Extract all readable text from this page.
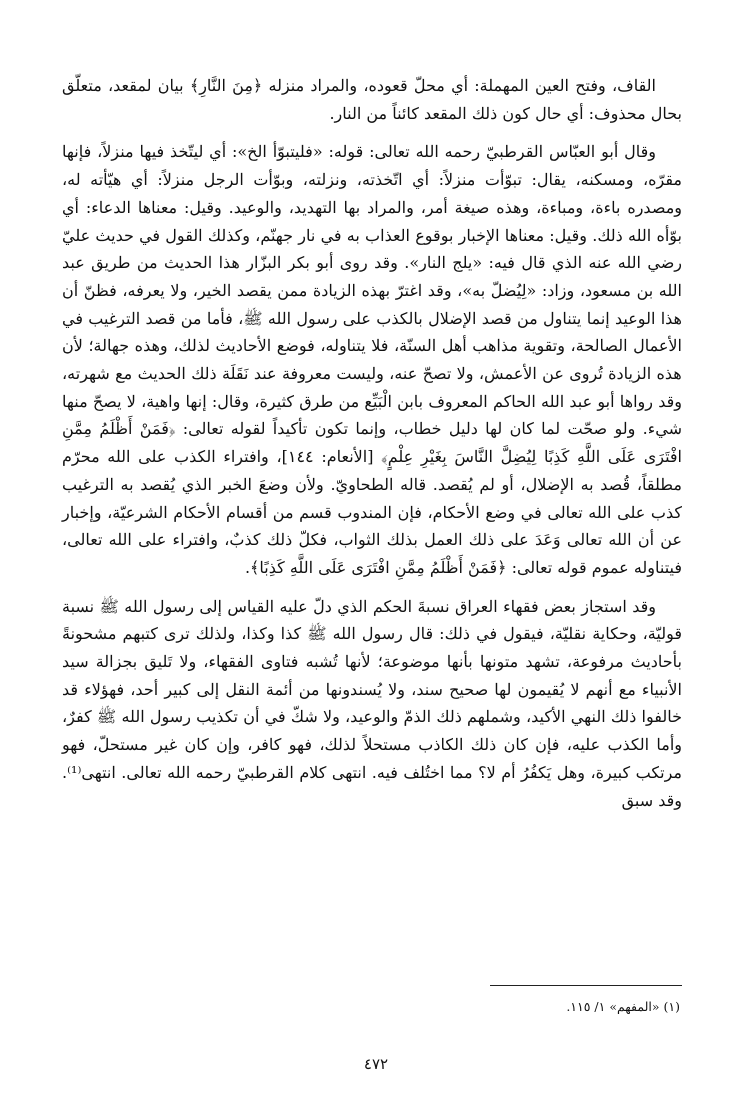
القاف، وفتح العين المهملة: أي محلّ قعوده، والمراد منزله ﴿مِنَ النَّارِ﴾ بيان لمقعد، متعلّق بحال محذوف: أي حال كون ذلك المقعد كائناً من النار.

وقال أبو العبّاس القرطبيّ رحمه الله تعالى: قوله: «فليتبوّأ الخ»: أي ليتّخذ فيها منزلاً، فإنها مقرّه، ومسكنه، يقال: تبوّأت منزلاً: أي اتّخذته، ونزلته، وبوّأت الرجل منزلاً: أي هيّأته له، ومصدره باءة، ومباءة، وهذه صيغة أمر، والمراد بها التهديد، والوعيد. وقيل: معناها الدعاء: أي بوّأه الله ذلك. وقيل: معناها الإخبار بوقوع العذاب به في نار جهنّم، وكذلك القول في حديث عليّ رضي الله عنه الذي قال فيه: «يلج النار». وقد روى أبو بكر البزّار هذا الحديث من طريق عبد الله بن مسعود، وزاد: «لِيُضلّ به»، وقد اغترّ بهذه الزيادة ممن يقصد الخير، ولا يعرفه، فظنّ أن هذا الوعيد إنما يتناول من قصد الإضلال بالكذب على رسول الله ﷺ، فأما من قصد الترغيب في الأعمال الصالحة، وتقوية مذاهب أهل السنّة، فلا يتناوله، فوضع الأحاديث لذلك، وهذه جهالة؛ لأن هذه الزيادة تُروى عن الأعمش، ولا تصحّ عنه، وليست معروفة عند نَقَلَة ذلك الحديث مع شهرته، وقد رواها أبو عبد الله الحاكم المعروف بابن الْبَيِّع من طرق كثيرة، وقال: إنها واهية، لا يصحّ منها شيء. ولو صحّت لما كان لها دليل خطاب، وإنما تكون تأكيداً لقوله تعالى: ﴿فَمَنْ أَظْلَمُ مِمَّنِ افْتَرَى عَلَى اللَّهِ كَذِبًا لِيُضِلَّ النَّاسَ بِغَيْرِ عِلْمٍ﴾ [الأنعام: ١٤٤]، وافتراء الكذب على الله محرّم مطلقاً، قُصد به الإضلال، أو لم يُقصد. قاله الطحاويّ. ولأن وضعَ الخبر الذي يُقصد به الترغيب كذب على الله تعالى في وضع الأحكام، فإن المندوب قسم من أقسام الأحكام الشرعيّة، وإخبار عن أن الله تعالى وَعَدَ على ذلك العمل بذلك الثواب، فكلّ ذلك كذبٌ، وافتراء على الله تعالى، فيتناوله عموم قوله تعالى: ﴿فَمَنْ أَظْلَمُ مِمَّنِ افْتَرَى عَلَى اللَّهِ كَذِبًا﴾.

وقد استجاز بعض فقهاء العراق نسبةَ الحكم الذي دلّ عليه القياس إلى رسول الله ﷺ نسبة قوليّة، وحكاية نقليّة، فيقول في ذلك: قال رسول الله ﷺ كذا وكذا، ولذلك ترى كتبهم مشحونةً بأحاديث مرفوعة، تشهد متونها بأنها موضوعة؛ لأنها تُشبه فتاوى الفقهاء، ولا تَليق بجزالة سيد الأنبياء مع أنهم لا يُقيمون لها صحيح سند، ولا يُسندونها من أئمة النقل إلى كبير أحد، فهؤلاء قد خالفوا ذلك النهي الأكيد، وشملهم ذلك الذمّ والوعيد، ولا شكّ في أن تكذيب رسول الله ﷺ كفرٌ، وأما الكذب عليه، فإن كان ذلك الكاذب مستحلاً لذلك، فهو كافر، وإن كان غير مستحلّ، فهو مرتكب كبيرة، وهل يَكفُرُ أم لا؟ مما اختُلف فيه. انتهى كلام القرطبيّ رحمه الله تعالى. انتهى⁽¹⁾. وقد سبق

(١) «المفهم» ١/ ١١٥.
٤٧٢
